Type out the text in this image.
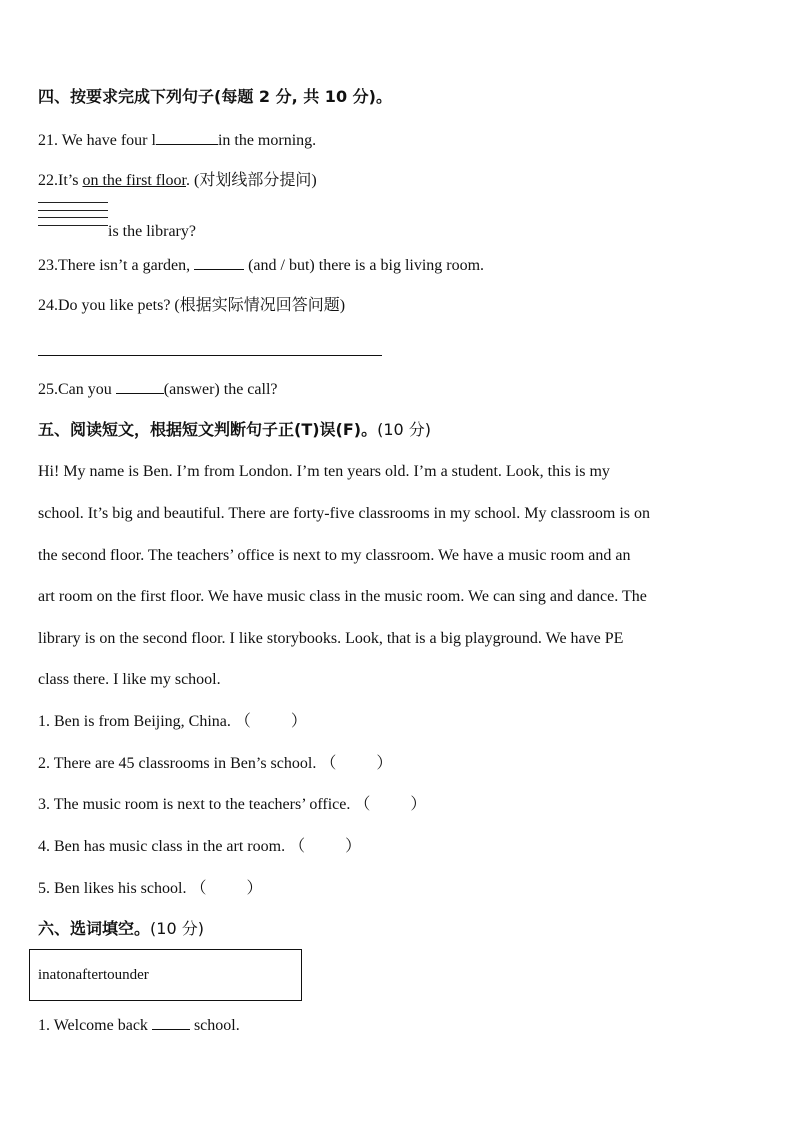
四、按要求完成下列句子(每题 2 分, 共 10 分)。
21. We have four l	in the morning.
22.It’s on the first floor. (对划线部分提问)
is the library?
23.There isn’t a garden,	(and / but) there is a big living room.
24.Do you like pets? (根据实际情况回答问题)
25.Can you	(answer) the call?
五、阅读短文，根据短文判断句子正(T)误(F)。(10 分)
Hi! My name is Ben. I’m from London. I’m ten years old. I’m a student. Look, this is my
school. It’s big and beautiful. There are forty-five classrooms in my school. My classroom is on
the second floor. The teachers’ office is next to my classroom. We have a music room and an
art room on the first floor. We have music class in the music room. We can sing and dance. The
library is on the second floor. I like storybooks. Look, that is a big playground. We have PE
class there. I like my school.
1. Ben is from Beijing, China. （	）
2. There are 45 classrooms in Ben’s school. （	）
3. The music room is next to the teachers’ office. （	）
4. Ben has music class in the art room. （	）
5. Ben likes his school. （	）
六、选词填空。(10 分)
inatonaftertounder
1. Welcome back  school.
